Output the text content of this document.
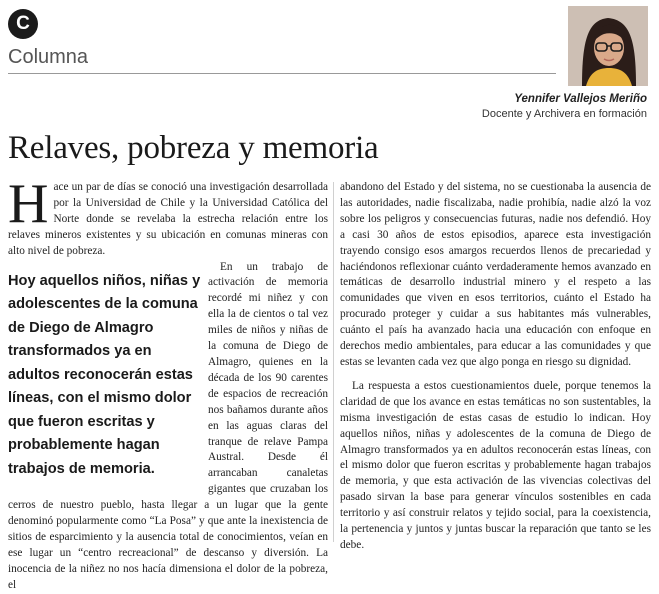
C
Columna
Yennifer Vallejos Meriño
Docente y Archivera en formación
Relaves, pobreza y memoria

Hace un par de días se conoció una investigación desarrollada por la Universidad de Chile y la Universidad Católica del Norte donde se revelaba la estrecha relación entre los relaves mineros existentes y su ubicación en comunas mineras con alto nivel de pobreza.

Hoy aquellos niños, niñas y adolescentes de la comuna de Diego de Almagro transformados ya en adultos reconocerán estas líneas, con el mismo dolor que fueron escritas y probablemente hagan trabajos de memoria.

En un trabajo de activación de memoria recordé mi niñez y con ella la de cientos o tal vez miles de niños y niñas de la comuna de Diego de Almagro, quienes en la década de los 90 carentes de espacios de recreación nos bañamos durante años en las aguas claras del tranque de relave Pampa Austral. Desde él arrancaban canaletas gigantes que cruzaban los cerros de nuestro pueblo, hasta llegar a un lugar que la gente denominó popularmente como “La Posa” y que ante la inexistencia de sitios de esparcimiento y la ausencia total de conocimientos, veían en ese lugar un “centro recreacional” de descanso y diversión. La inocencia de la niñez no nos hacía dimensiona el dolor de la pobreza, el

abandono del Estado y del sistema, no se cuestionaba la ausencia de las autoridades, nadie fiscalizaba, nadie prohibía, nadie alzó la voz sobre los peligros y consecuencias futuras, nadie nos defendió. Hoy a casi 30 años de estos episodios, aparece esta investigación trayendo consigo esos amargos recuerdos llenos de precariedad y haciéndonos reflexionar cuánto verdaderamente hemos avanzado en temáticas de desarrollo industrial minero y el respeto a las comunidades que viven en esos territorios, cuánto el Estado ha procurado proteger y cuidar a sus habitantes más vulnerables, cuánto el país ha avanzado hacia una educación con enfoque en derechos medio ambientales, para educar a las comunidades y que estas se levanten cada vez que algo ponga en riesgo su dignidad.

La respuesta a estos cuestionamientos duele, porque tenemos la claridad de que los avance en estas temáticas no son sustentables, la misma investigación de estas casas de estudio lo indican. Hoy aquellos niños, niñas y adolescentes de la comuna de Diego de Almagro transformados ya en adultos reconocerán estas líneas, con el mismo dolor que fueron escritas y probablemente hagan trabajos de memoria, y que esta activación de las vivencias colectivas del pasado sirvan la base para generar vínculos sostenibles en cada territorio y así construir relatos y tejido social, para la coexistencia, la pertenencia y juntos y juntas buscar la reparación que tanto se les debe.
